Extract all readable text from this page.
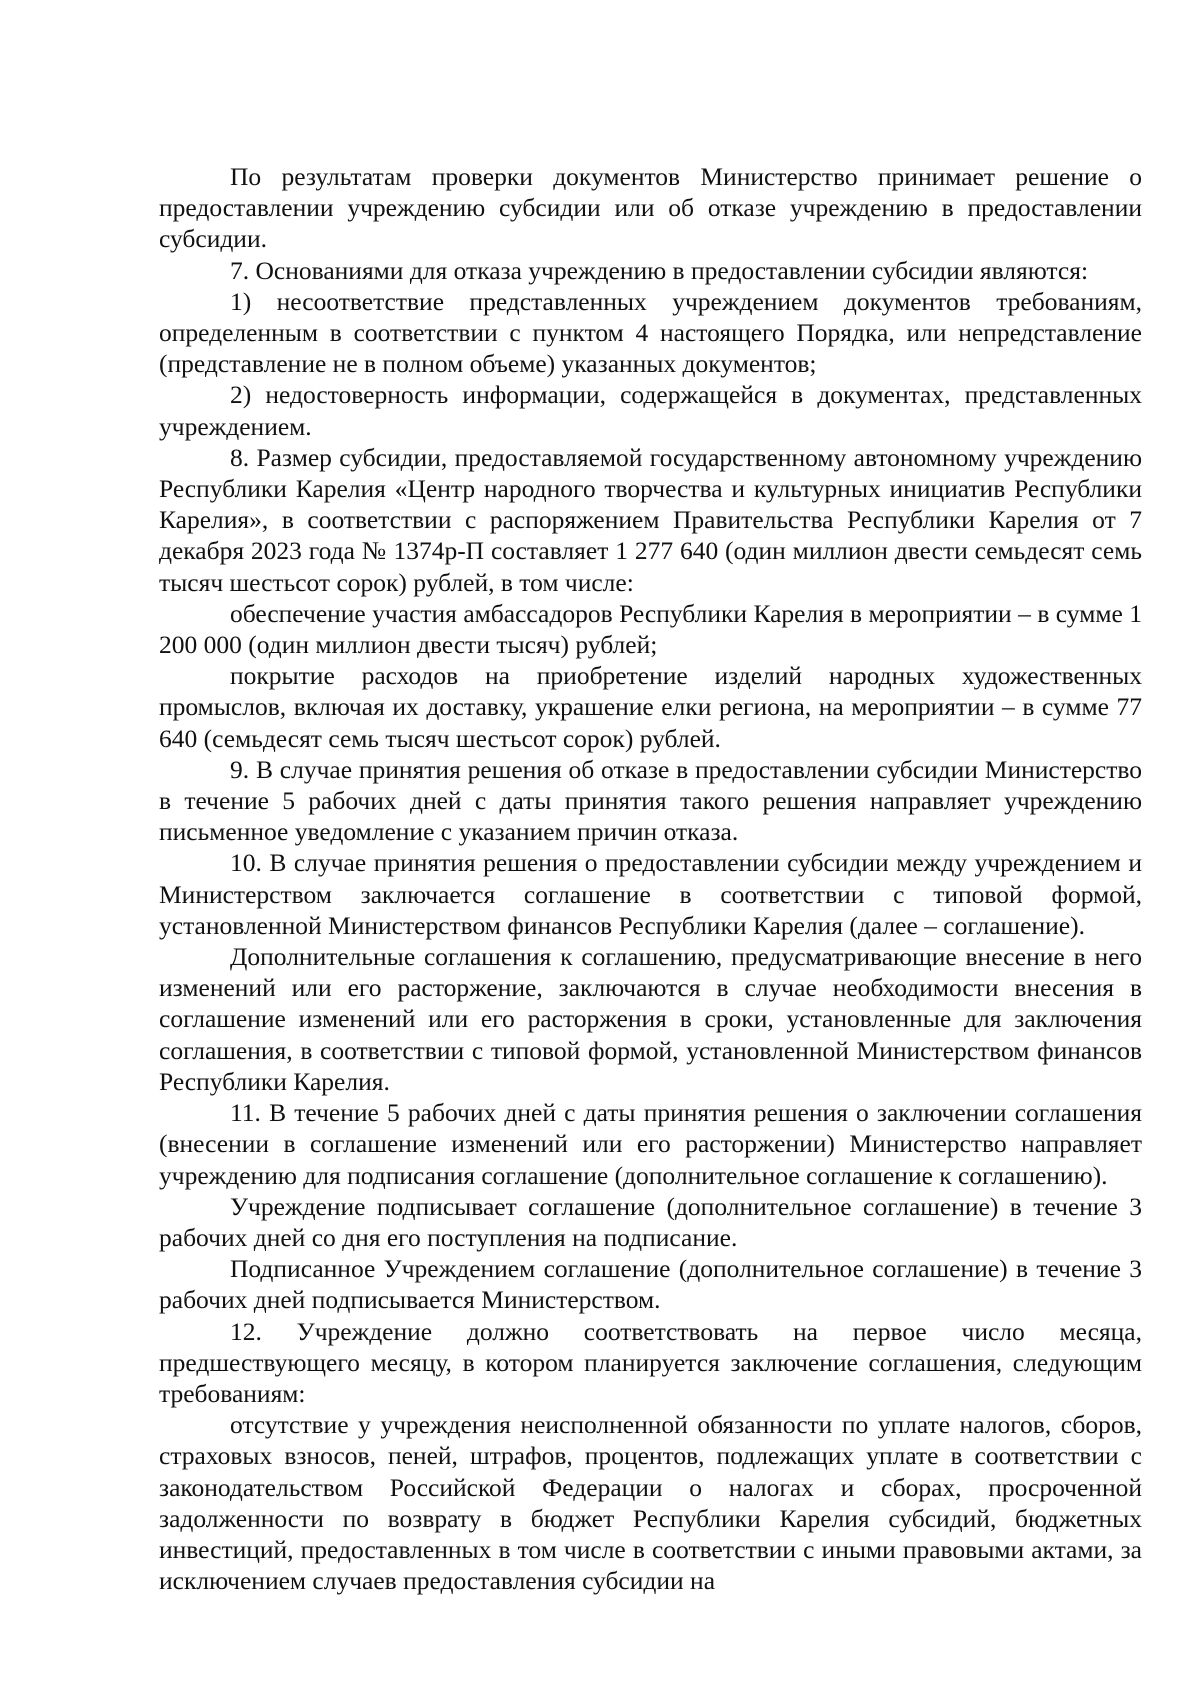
По результатам проверки документов Министерство принимает решение о предоставлении учреждению субсидии или об отказе учреждению в предоставлении субсидии.

7. Основаниями для отказа учреждению в предоставлении субсидии являются:

1) несоответствие представленных учреждением документов требованиям, определенным в соответствии с пунктом 4 настоящего Порядка, или непредставление (представление не в полном объеме) указанных документов;

2) недостоверность информации, содержащейся в документах, представленных учреждением.

8. Размер субсидии, предоставляемой государственному автономному учреждению Республики Карелия «Центр народного творчества и культурных инициатив Республики Карелия», в соответствии с распоряжением Правительства Республики Карелия от 7 декабря 2023 года № 1374р-П составляет 1 277 640 (один миллион двести семьдесят семь тысяч шестьсот сорок) рублей, в том числе:

обеспечение участия амбассадоров Республики Карелия в мероприятии – в сумме 1 200 000 (один миллион двести тысяч) рублей;

покрытие расходов на приобретение изделий народных художественных промыслов, включая их доставку, украшение елки региона, на мероприятии – в сумме 77 640 (семьдесят семь тысяч шестьсот сорок) рублей.

9. В случае принятия решения об отказе в предоставлении субсидии Министерство в течение 5 рабочих дней с даты принятия такого решения направляет учреждению письменное уведомление с указанием причин отказа.

10. В случае принятия решения о предоставлении субсидии между учреждением и Министерством заключается соглашение в соответствии с типовой формой, установленной Министерством финансов Республики Карелия (далее – соглашение).

Дополнительные соглашения к соглашению, предусматривающие внесение в него изменений или его расторжение, заключаются в случае необходимости внесения в соглашение изменений или его расторжения в сроки, установленные для заключения соглашения, в соответствии с типовой формой, установленной Министерством финансов Республики Карелия.

11. В течение 5 рабочих дней с даты принятия решения о заключении соглашения (внесении в соглашение изменений или его расторжении) Министерство направляет учреждению для подписания соглашение (дополнительное соглашение к соглашению).

Учреждение подписывает соглашение (дополнительное соглашение) в течение 3 рабочих дней со дня его поступления на подписание.

Подписанное Учреждением соглашение (дополнительное соглашение) в течение 3 рабочих дней подписывается Министерством.

12. Учреждение должно соответствовать на первое число месяца, предшествующего месяцу, в котором планируется заключение соглашения, следующим требованиям:

отсутствие у учреждения неисполненной обязанности по уплате налогов, сборов, страховых взносов, пеней, штрафов, процентов, подлежащих уплате в соответствии с законодательством Российской Федерации о налогах и сборах, просроченной задолженности по возврату в бюджет Республики Карелия субсидий, бюджетных инвестиций, предоставленных в том числе в соответствии с иными правовыми актами, за исключением случаев предоставления субсидии на
